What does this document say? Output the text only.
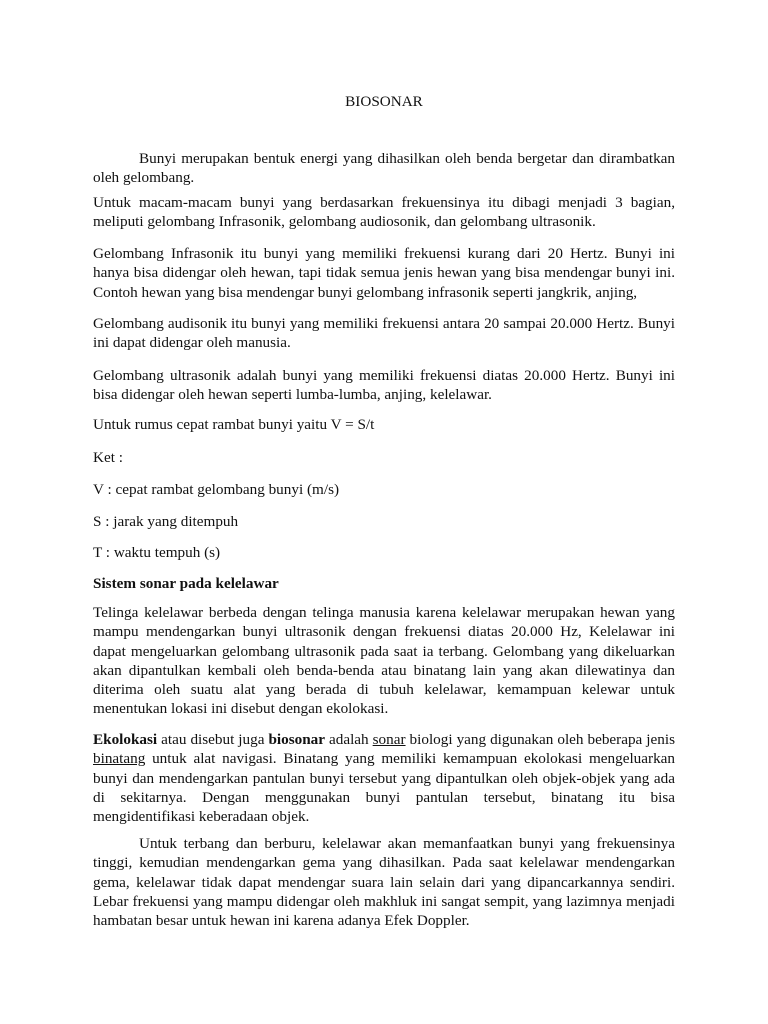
BIOSONAR

Bunyi merupakan bentuk energi yang dihasilkan oleh benda bergetar dan dirambatkan oleh gelombang.

Untuk macam-macam bunyi yang berdasarkan frekuensinya itu dibagi menjadi 3 bagian, meliputi gelombang Infrasonik, gelombang audiosonik, dan gelombang ultrasonik.

Gelombang Infrasonik itu bunyi yang memiliki frekuensi kurang dari 20 Hertz. Bunyi ini hanya bisa didengar oleh hewan, tapi tidak semua jenis hewan yang bisa mendengar bunyi ini. Contoh hewan yang bisa mendengar bunyi gelombang infrasonik seperti jangkrik, anjing,

Gelombang audisonik itu bunyi yang memiliki frekuensi antara 20 sampai 20.000 Hertz. Bunyi ini dapat didengar oleh manusia.

Gelombang ultrasonik adalah bunyi yang memiliki frekuensi diatas 20.000 Hertz. Bunyi ini bisa didengar oleh hewan seperti lumba-lumba, anjing, kelelawar.

Untuk rumus cepat rambat bunyi yaitu V = S/t

Ket :

V : cepat rambat gelombang bunyi (m/s)

S : jarak yang ditempuh

T : waktu tempuh (s)

Sistem sonar pada kelelawar

Telinga kelelawar berbeda dengan telinga manusia karena kelelawar merupakan hewan yang mampu mendengarkan bunyi ultrasonik dengan frekuensi diatas 20.000 Hz, Kelelawar ini dapat mengeluarkan gelombang ultrasonik pada saat ia terbang. Gelombang yang dikeluarkan akan dipantulkan kembali oleh benda-benda atau binatang lain yang akan dilewatinya dan diterima oleh suatu alat yang berada di tubuh kelelawar, kemampuan kelewar untuk menentukan lokasi ini disebut dengan ekolokasi.

Ekolokasi atau disebut juga biosonar adalah sonar biologi yang digunakan oleh beberapa jenis binatang untuk alat navigasi. Binatang yang memiliki kemampuan ekolokasi mengeluarkan bunyi dan mendengarkan pantulan bunyi tersebut yang dipantulkan oleh objek-objek yang ada di sekitarnya. Dengan menggunakan bunyi pantulan tersebut, binatang itu bisa mengidentifikasi keberadaan objek.

Untuk terbang dan berburu, kelelawar akan memanfaatkan bunyi yang frekuensinya tinggi, kemudian mendengarkan gema yang dihasilkan. Pada saat kelelawar mendengarkan gema, kelelawar tidak dapat mendengar suara lain selain dari yang dipancarkannya sendiri. Lebar frekuensi yang mampu didengar oleh makhluk ini sangat sempit, yang lazimnya menjadi hambatan besar untuk hewan ini karena adanya Efek Doppler.
